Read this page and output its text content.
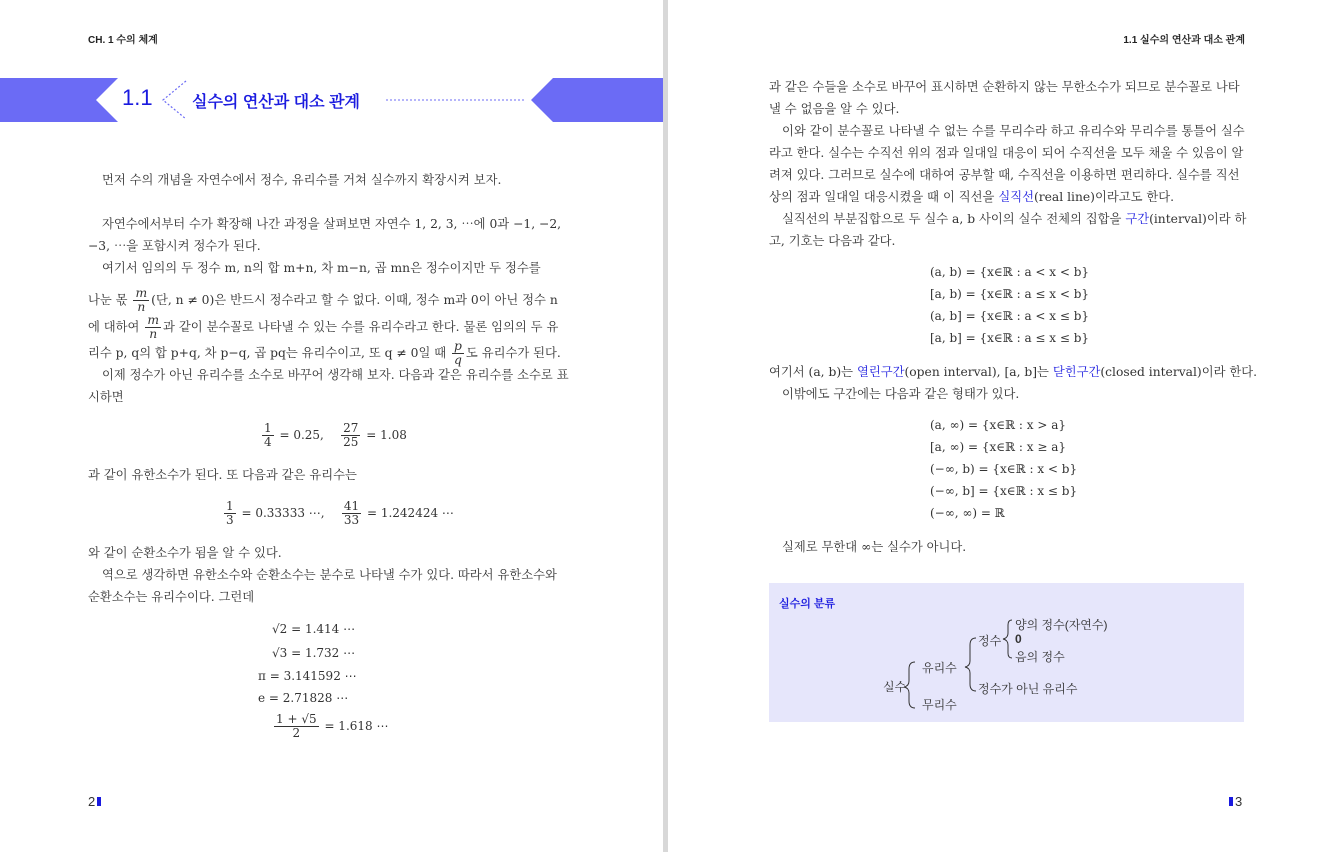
CH. 1 수의 체계
1.1 실수의 연산과 대소 관계
먼저 수의 개념을 자연수에서 정수, 유리수를 거쳐 실수까지 확장시켜 보자.
자연수에서부터 수가 확장해 나간 과정을 살펴보면 자연수 1, 2, 3, ⋯에 0과 −1, −2,
−3, ⋯을 포함시켜 정수가 된다.
여기서 임의의 두 정수 m, n의 합 m+n, 차 m−n, 곱 mn은 정수이지만 두 정수를
나눈 몫 $\frac{m}{n}$ (단, n ≠ 0)은 반드시 정수라고 할 수 없다. 이때, 정수 m과 0이 아닌 정수 n
에 대하여 $\frac{m}{n}$ 과 같이 분수꼴로 나타낼 수 있는 수를 유리수라고 한다. 물론 임의의 두 유
리수 p, q의 합 p+q, 차 p−q, 곱 pq는 유리수이고, 또 q ≠ 0일 때 $\frac{p}{q}$ 도 유리수가 된다.
이제 정수가 아닌 유리수를 소수로 바꾸어 생각해 보자. 다음과 같은 유리수를 소수로 표
시하면
$\frac{1}{4} = 0.25$, $\frac{27}{25} = 1.08$
과 같이 유한소수가 된다. 또 다음과 같은 유리수는
$\frac{1}{3} = 0.33333$ ⋯, $\frac{41}{33} = 1.242424$ ⋯
와 같이 순환소수가 됨을 알 수 있다.
역으로 생각하면 유한소수와 순환소수는 분수로 나타낼 수가 있다. 따라서 유한소수와
순환소수는 유리수이다. 그런데
√2 = 1.414 ⋯
√3 = 1.732 ⋯
π = 3.141592 ⋯
e = 2.71828 ⋯
$\frac{1 + √5}{2} = 1.618$ ⋯
2
1.1 실수의 연산과 대소 관계
과 같은 수들을 소수로 바꾸어 표시하면 순환하지 않는 무한소수가 되므로 분수꼴로 나타
낼 수 없음을 알 수 있다.
이와 같이 분수꼴로 나타낼 수 없는 수를 무리수라 하고 유리수와 무리수를 통틀어 실수
라고 한다. 실수는 수직선 위의 점과 일대일 대응이 되어 수직선을 모두 채울 수 있음이 알
려져 있다. 그러므로 실수에 대하여 공부할 때, 수직선을 이용하면 편리하다. 실수를 직선
상의 점과 일대일 대응시켰을 때 이 직선을 실직선(real line)이라고도 한다.
실직선의 부분집합으로 두 실수 a, b 사이의 실수 전체의 집합을 구간(interval)이라 하
고, 기호는 다음과 같다.
(a, b) = {x∈ℝ : a < x < b}
[a, b) = {x∈ℝ : a ≤ x < b}
(a, b] = {x∈ℝ : a < x ≤ b}
[a, b] = {x∈ℝ : a ≤ x ≤ b}
여기서 (a, b)는 열린구간(open interval), [a, b]는 닫힌구간(closed interval)이라 한다.
이밖에도 구간에는 다음과 같은 형태가 있다.
(a, ∞) = {x∈ℝ : x > a}
[a, ∞) = {x∈ℝ : x ≥ a}
(−∞, b) = {x∈ℝ : x < b}
(−∞, b] = {x∈ℝ : x ≤ b}
(−∞, ∞) = ℝ
실제로 무한대 ∞는 실수가 아니다.
실수의 분류
실수
유리수
무리수
정수
정수가 아닌 유리수
양의 정수(자연수)
0
음의 정수
3
